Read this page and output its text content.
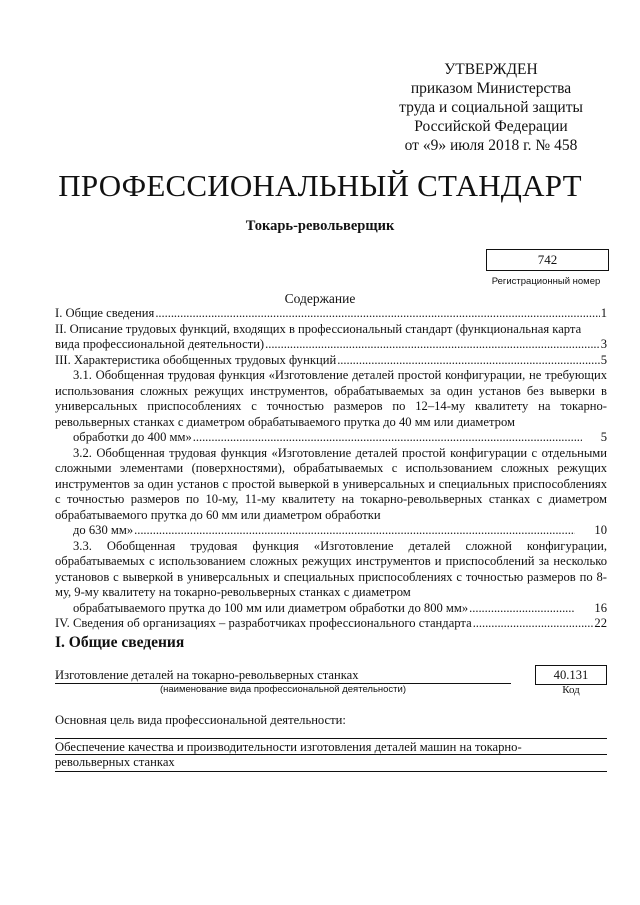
УТВЕРЖДЕН
приказом Министерства
труда и социальной защиты
Российской Федерации
от «9» июля 2018 г. № 458
ПРОФЕССИОНАЛЬНЫЙ СТАНДАРТ
Токарь-револьверщик
742
Регистрационный номер
Содержание
I. Общие сведения . . .	1
II. Описание трудовых функций, входящих в профессиональный стандарт (функциональная карта
вида профессиональной деятельности) . . .	3
III. Характеристика обобщенных трудовых функций . . .	5
3.1. Обобщенная трудовая функция «Изготовление деталей простой конфигурации, не требующих использования сложных режущих инструментов, обрабатываемых за один установ без выверки в универсальных приспособлениях с точностью размеров по 12–14-му квалитету на токарно-револьверных станках с диаметром обрабатываемого прутка до 40 мм или диаметром
обработки до 400 мм» . . .	5
3.2. Обобщенная трудовая функция «Изготовление деталей простой конфигурации с отдельными сложными элементами (поверхностями), обрабатываемых с использованием сложных режущих инструментов за один установ с простой выверкой в универсальных и специальных приспособлениях с точностью размеров по 10-му, 11-му квалитету на токарно-револьверных станках с диаметром обрабатываемого прутка до 60 мм или диаметром обработки
до 630 мм» . . .	10
3.3. Обобщенная трудовая функция «Изготовление деталей сложной конфигурации, обрабатываемых с использованием сложных режущих инструментов и приспособлений за несколько установов с выверкой в универсальных и специальных приспособлениях с точностью размеров по 8-му, 9-му квалитету на токарно-револьверных станках с диаметром
обрабатываемого прутка до 100 мм или диаметром обработки до 800 мм» . . .	16
IV. Сведения об организациях – разработчиках профессионального стандарта . . .	22
I. Общие сведения
Изготовление деталей на токарно-револьверных станках
(наименование вида профессиональной деятельности)
40.131
Код
Основная цель вида профессиональной деятельности:
Обеспечение качества и производительности изготовления деталей машин на токарно-револьверных станках
